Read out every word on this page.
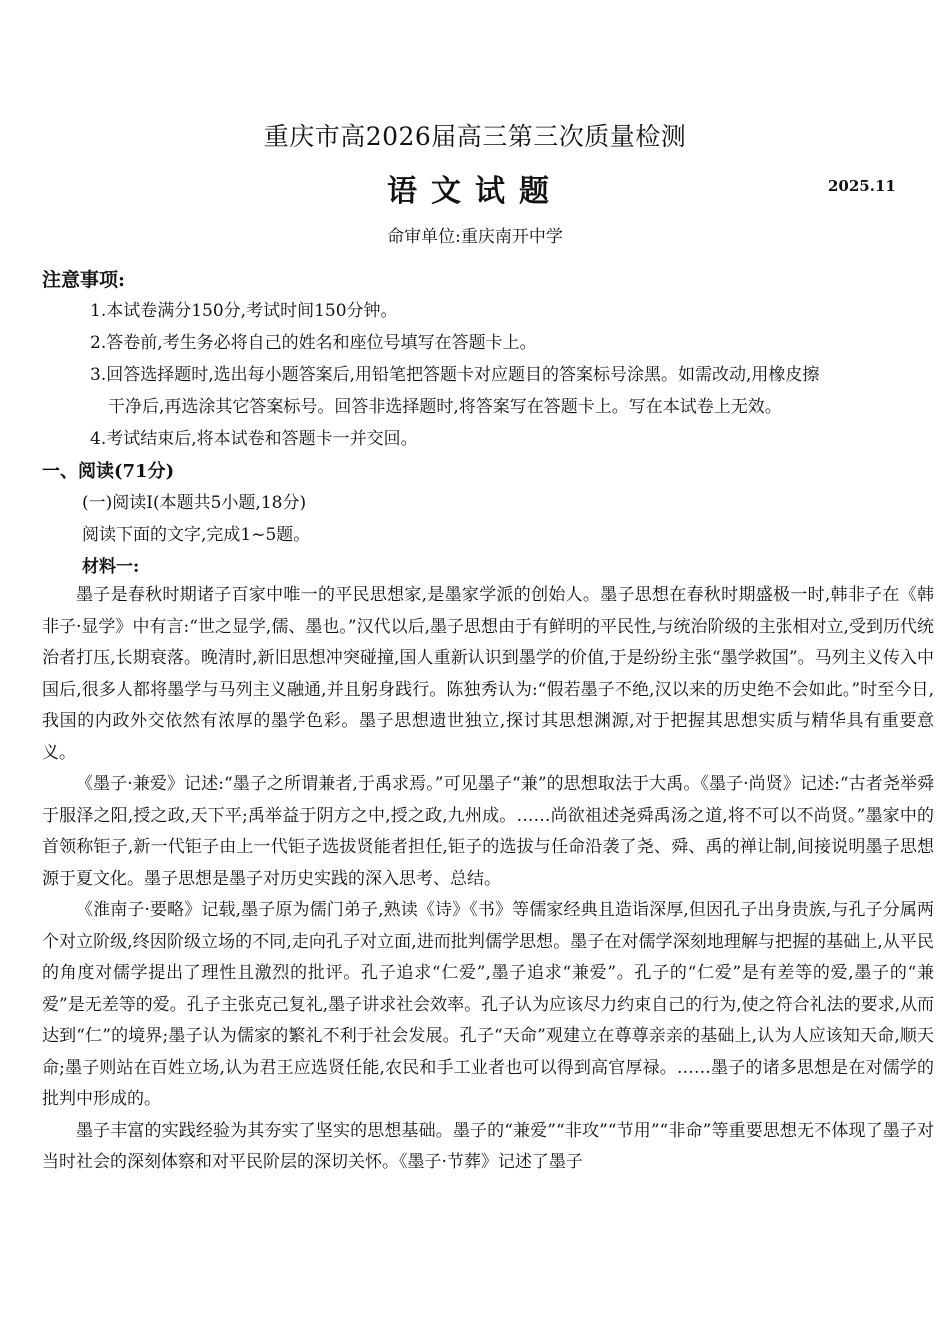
重庆市高2026届高三第三次质量检测
语文试题	2025.11
命审单位:重庆南开中学
注意事项:
1.本试卷满分150分,考试时间150分钟。
2.答卷前,考生务必将自己的姓名和座位号填写在答题卡上。
3.回答选择题时,选出每小题答案后,用铅笔把答题卡对应题目的答案标号涂黑。如需改动,用橡皮擦
干净后,再选涂其它答案标号。回答非选择题时,将答案写在答题卡上。写在本试卷上无效。
4.考试结束后,将本试卷和答题卡一并交回。
一、阅读(71分)
(一)阅读Ⅰ(本题共5小题,18分)
阅读下面的文字,完成1~5题。
材料一:

墨子是春秋时期诸子百家中唯一的平民思想家,是墨家学派的创始人。墨子思想在春秋时期盛极一时,韩非子在《韩非子·显学》中有言:“世之显学,儒、墨也。”汉代以后,墨子思想由于有鲜明的平民性,与统治阶级的主张相对立,受到历代统治者打压,长期衰落。晚清时,新旧思想冲突碰撞,国人重新认识到墨学的价值,于是纷纷主张“墨学救国”。马列主义传入中国后,很多人都将墨学与马列主义融通,并且躬身践行。陈独秀认为:“假若墨子不绝,汉以来的历史绝不会如此。”时至今日,我国的内政外交依然有浓厚的墨学色彩。墨子思想遗世独立,探讨其思想渊源,对于把握其思想实质与精华具有重要意义。

《墨子·兼爱》记述:“墨子之所谓兼者,于禹求焉。”可见墨子“兼”的思想取法于大禹。《墨子·尚贤》记述:“古者尧举舜于服泽之阳,授之政,天下平;禹举益于阴方之中,授之政,九州成。……尚欲祖述尧舜禹汤之道,将不可以不尚贤。”墨家中的首领称钜子,新一代钜子由上一代钜子选拔贤能者担任,钜子的选拔与任命沿袭了尧、舜、禹的禅让制,间接说明墨子思想源于夏文化。墨子思想是墨子对历史实践的深入思考、总结。

《淮南子·要略》记载,墨子原为儒门弟子,熟读《诗》《书》等儒家经典且造诣深厚,但因孔子出身贵族,与孔子分属两个对立阶级,终因阶级立场的不同,走向孔子对立面,进而批判儒学思想。墨子在对儒学深刻地理解与把握的基础上,从平民的角度对儒学提出了理性且激烈的批评。孔子追求“仁爱”,墨子追求“兼爱”。孔子的“仁爱”是有差等的爱,墨子的“兼爱”是无差等的爱。孔子主张克己复礼,墨子讲求社会效率。孔子认为应该尽力约束自己的行为,使之符合礼法的要求,从而达到“仁”的境界;墨子认为儒家的繁礼不利于社会发展。孔子“天命”观建立在尊尊亲亲的基础上,认为人应该知天命,顺天命;墨子则站在百姓立场,认为君王应选贤任能,农民和手工业者也可以得到高官厚禄。……墨子的诸多思想是在对儒学的批判中形成的。

墨子丰富的实践经验为其夯实了坚实的思想基础。墨子的“兼爱”“非攻”“节用”“非命”等重要思想无不体现了墨子对当时社会的深刻体察和对平民阶层的深切关怀。《墨子·节葬》记述了墨子
